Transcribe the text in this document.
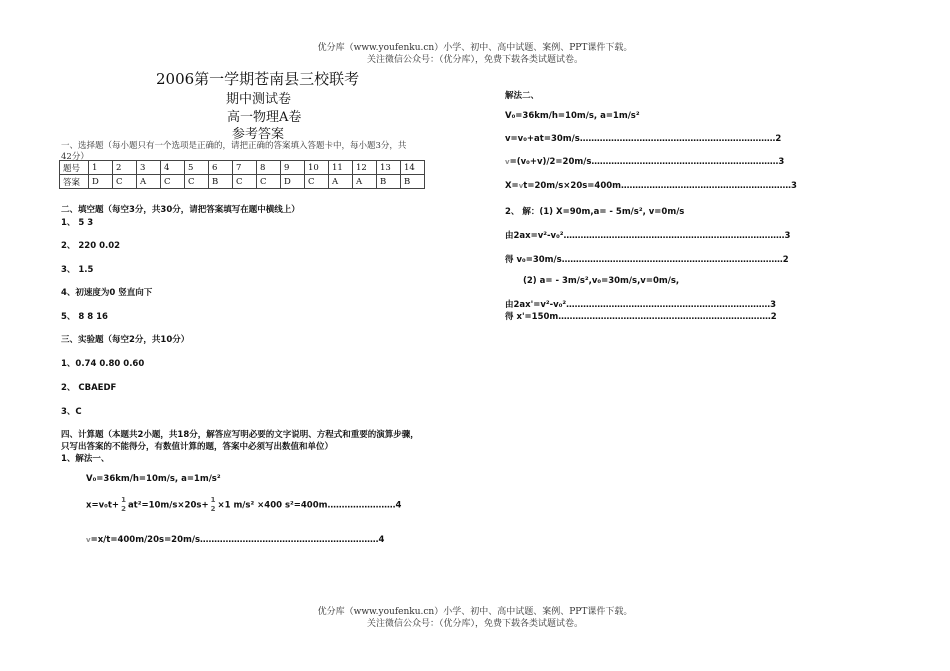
优分库（www.youfenku.cn）小学、初中、高中试题、案例、PPT课件下载。
关注微信公众号：（优分库），免费下载各类试题试卷。
2006第一学期苍南县三校联考
期中测试卷
高一物理A卷
参考答案
一、选择题（每小题只有一个选项是正确的，请把正确的答案填入答题卡中，每小题3分，共
42分）
题号	1	2	3	4	5	6	7	8	9	10	11	12	13	14
答案	D	C	A	C	C	B	C	C	D	C	A	A	B	B
二、填空题（每空3分，共30分，请把答案填写在题中横线上）
1、 5 3
2、 220 0.02
3、 1.5
4、初速度为0 竖直向下
5、 8 8 16
三、实验题（每空2分，共10分）
1、0.74 0.80 0.60
2、 CBAEDF
3、C
四、计算题（本题共2小题，共18分，解答应写明必要的文字说明、方程式和重要的演算步骤，
只写出答案的不能得分，有数值计算的题，答案中必须写出数值和单位）
1、解法一、
V₀=36km/h=10m/s, a=1m/s²
x=v₀t+1
2 at²=10m/s×20s+1
2 ×1 m/s² ×400 s²=400m……………………4
v=x/t=400m/20s=20m/s………………………………………………………4
解法二、
V₀=36km/h=10m/s, a=1m/s²
v=v₀+at=30m/s……………………………………………………………2
v=(v₀+v)/2=20m/s…………………………………………………………3
X=vt=20m/s×20s=400m……………………………………………………3
2、 解：(1) X=90m,a= - 5m/s², v=0m/s
由2ax=v²-v₀²……………………………………………………………………3
得 v₀=30m/s……………………………………………………………………2
(2) a= - 3m/s²,v₀=30m/s,v=0m/s,
由2ax'=v²-v₀²………………………………………………………………3
得 x'=150m…………………………………………………………………2
优分库（www.youfenku.cn）小学、初中、高中试题、案例、PPT课件下载。
关注微信公众号：（优分库），免费下载各类试题试卷。
